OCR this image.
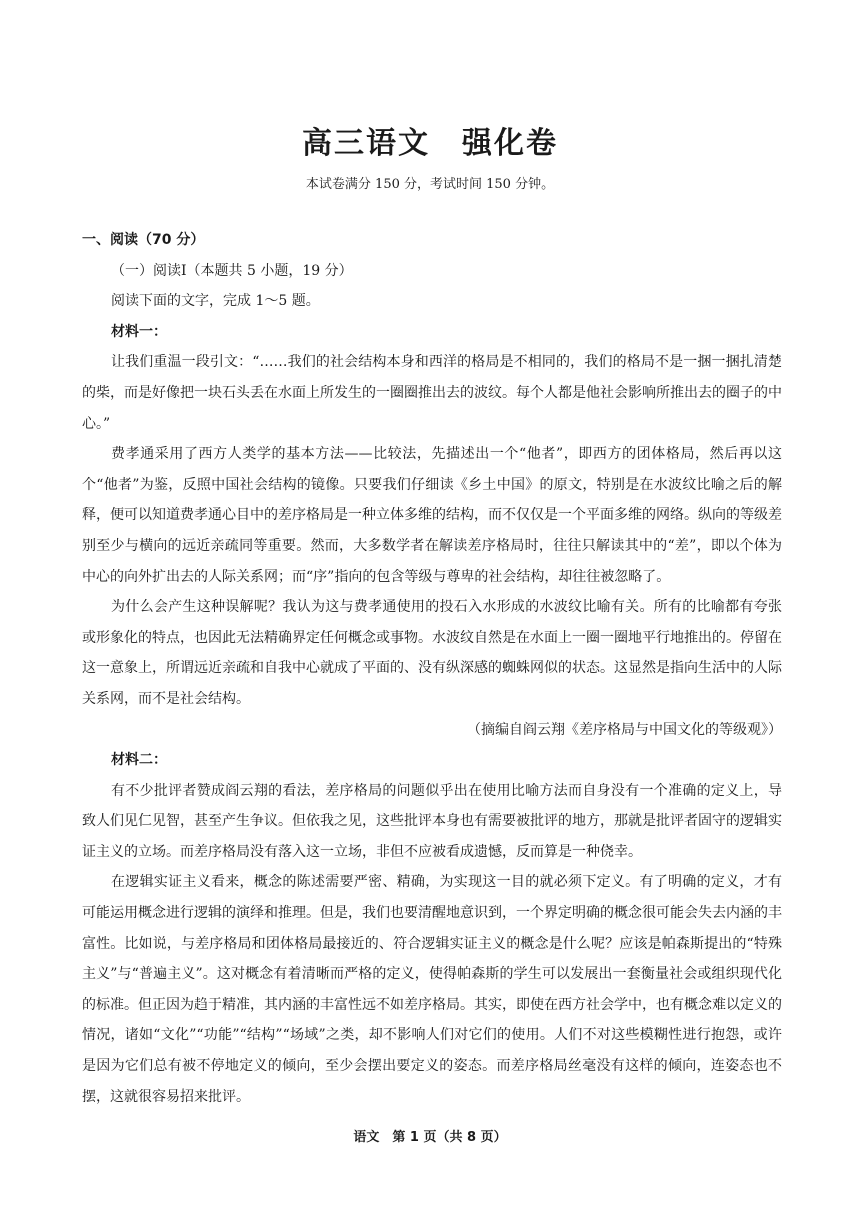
高三语文　强化卷
本试卷满分 150 分，考试时间 150 分钟。
一、阅读（70 分）
（一）阅读Ⅰ（本题共 5 小题，19 分）
阅读下面的文字，完成 1～5 题。
材料一：
让我们重温一段引文：“……我们的社会结构本身和西洋的格局是不相同的，我们的格局不是一捆一捆扎清楚的柴，而是好像把一块石头丢在水面上所发生的一圈圈推出去的波纹。每个人都是他社会影响所推出去的圈子的中心。”
费孝通采用了西方人类学的基本方法——比较法，先描述出一个“他者”，即西方的团体格局，然后再以这个“他者”为鉴，反照中国社会结构的镜像。只要我们仔细读《乡土中国》的原文，特别是在水波纹比喻之后的解释，便可以知道费孝通心目中的差序格局是一种立体多维的结构，而不仅仅是一个平面多维的网络。纵向的等级差别至少与横向的远近亲疏同等重要。然而，大多数学者在解读差序格局时，往往只解读其中的“差”，即以个体为中心的向外扩出去的人际关系网；而“序”指向的包含等级与尊卑的社会结构，却往往被忽略了。
为什么会产生这种误解呢？我认为这与费孝通使用的投石入水形成的水波纹比喻有关。所有的比喻都有夸张或形象化的特点，也因此无法精确界定任何概念或事物。水波纹自然是在水面上一圈一圈地平行地推出的。停留在这一意象上，所谓远近亲疏和自我中心就成了平面的、没有纵深感的蜘蛛网似的状态。这显然是指向生活中的人际关系网，而不是社会结构。
（摘编自阎云翔《差序格局与中国文化的等级观》）
材料二：
有不少批评者赞成阎云翔的看法，差序格局的问题似乎出在使用比喻方法而自身没有一个准确的定义上，导致人们见仁见智，甚至产生争议。但依我之见，这些批评本身也有需要被批评的地方，那就是批评者固守的逻辑实证主义的立场。而差序格局没有落入这一立场，非但不应被看成遗憾，反而算是一种侥幸。
在逻辑实证主义看来，概念的陈述需要严密、精确，为实现这一目的就必须下定义。有了明确的定义，才有可能运用概念进行逻辑的演绎和推理。但是，我们也要清醒地意识到，一个界定明确的概念很可能会失去内涵的丰富性。比如说，与差序格局和团体格局最接近的、符合逻辑实证主义的概念是什么呢？应该是帕森斯提出的“特殊主义”与“普遍主义”。这对概念有着清晰而严格的定义，使得帕森斯的学生可以发展出一套衡量社会或组织现代化的标准。但正因为趋于精准，其内涵的丰富性远不如差序格局。其实，即使在西方社会学中，也有概念难以定义的情况，诸如“文化”“功能”“结构”“场域”之类，却不影响人们对它们的使用。人们不对这些模糊性进行抱怨，或许是因为它们总有被不停地定义的倾向，至少会摆出要定义的姿态。而差序格局丝毫没有这样的倾向，连姿态也不摆，这就很容易招来批评。
语文　第 1 页（共 8 页）
